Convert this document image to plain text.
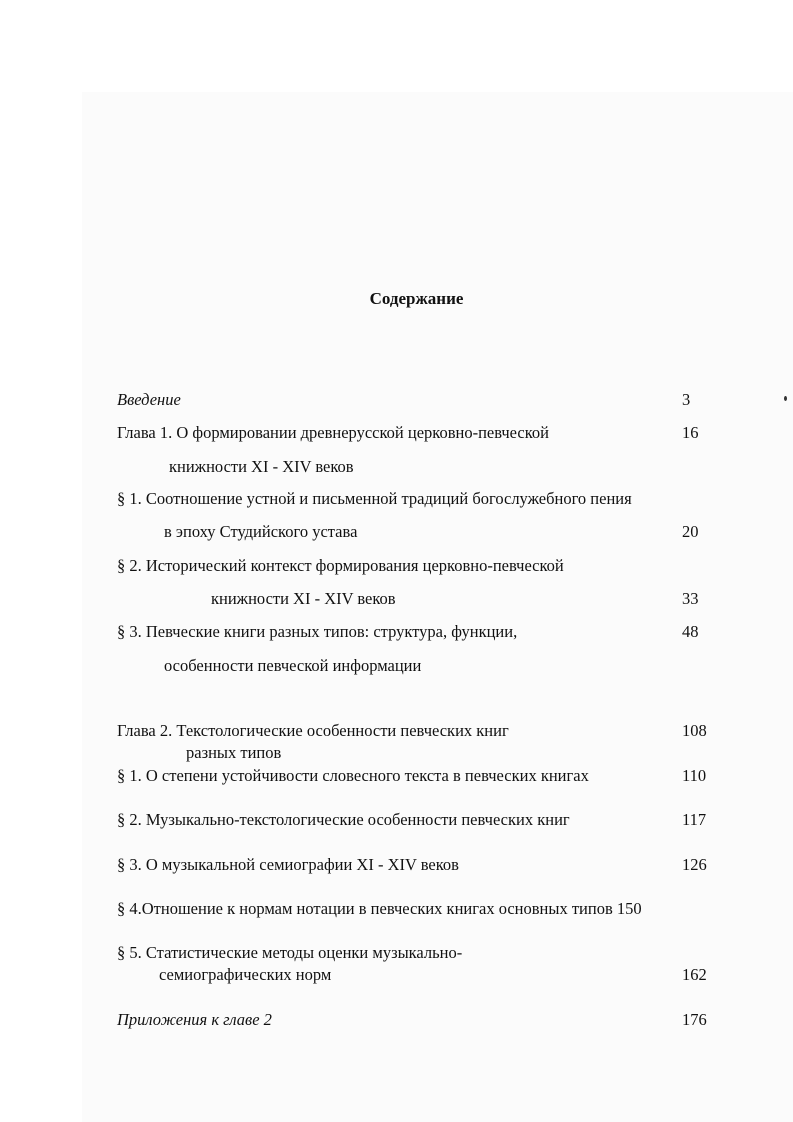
Содержание
Введение	3
Глава 1. О формировании древнерусской церковно-певческой	16
книжности XI - XIV веков
§ 1. Соотношение устной и письменной традиций богослужебного пения
в эпоху Студийского устава	20
§ 2. Исторический контекст формирования церковно-певческой
книжности XI - XIV веков	33
§ 3. Певческие книги разных типов: структура, функции,	48
особенности певческой информации
Глава 2. Текстологические особенности певческих книг	108
разных типов
§ 1. О степени устойчивости словесного текста в певческих книгах	110
§ 2. Музыкально-текстологические особенности певческих книг	117
§ 3. О музыкальной семиографии XI - XIV веков	126
§ 4.Отношение к нормам нотации в певческих книгах основных типов 150
§ 5. Статистические методы оценки музыкально-
семиографических норм	162
Приложения к главе 2	176
